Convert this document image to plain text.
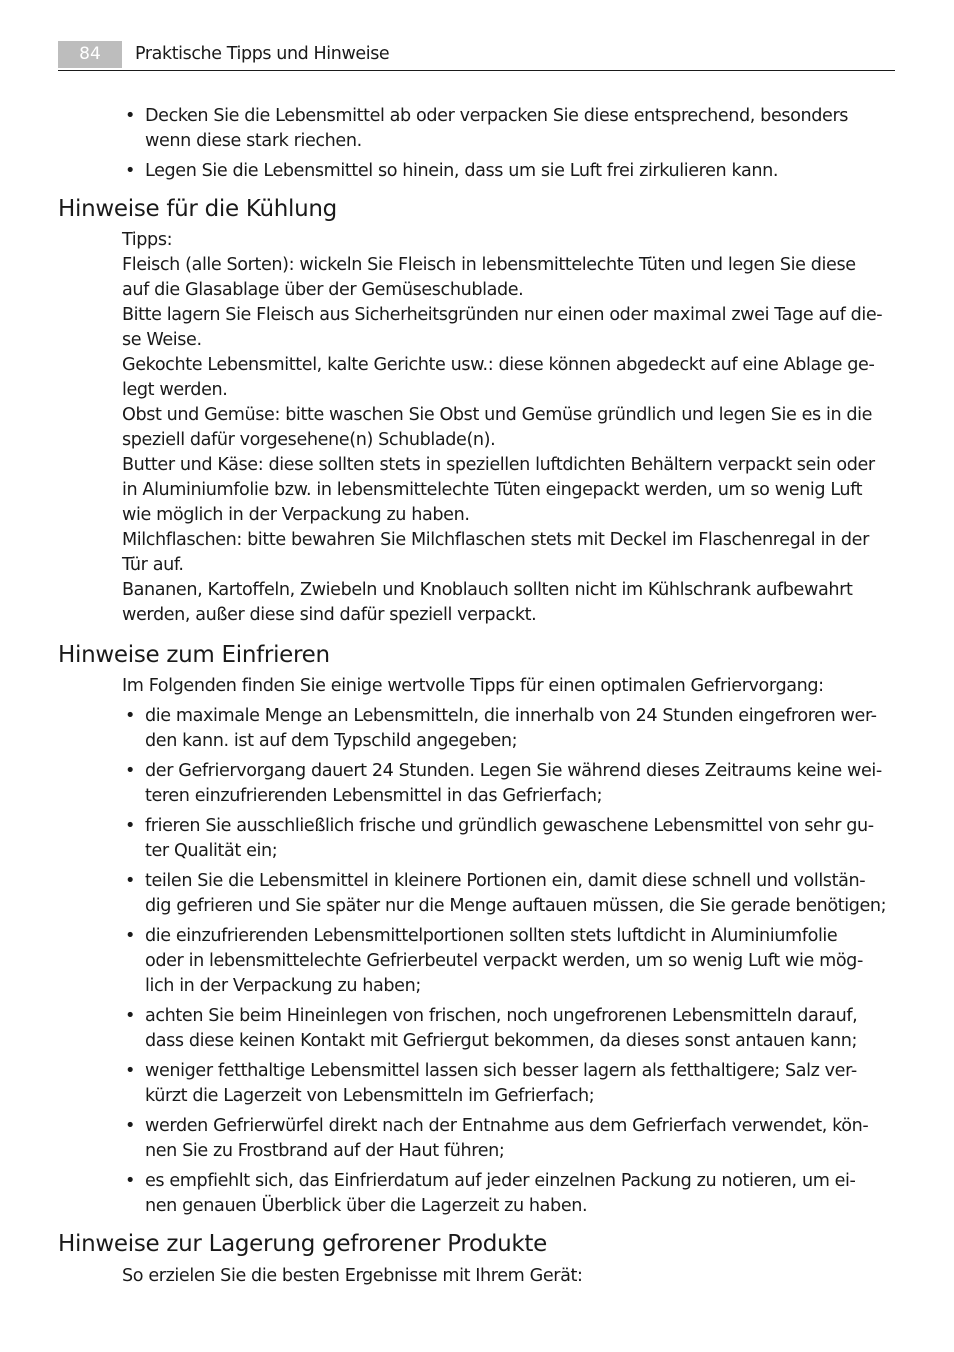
84	Praktische Tipps und Hinweise
• Decken Sie die Lebensmittel ab oder verpacken Sie diese entsprechend, besonders
wenn diese stark riechen.
• Legen Sie die Lebensmittel so hinein, dass um sie Luft frei zirkulieren kann.
Hinweise für die Kühlung
Tipps:
Fleisch (alle Sorten): wickeln Sie Fleisch in lebensmittelechte Tüten und legen Sie diese
auf die Glasablage über der Gemüseschublade.
Bitte lagern Sie Fleisch aus Sicherheitsgründen nur einen oder maximal zwei Tage auf die-
se Weise.
Gekochte Lebensmittel, kalte Gerichte usw.: diese können abgedeckt auf eine Ablage ge-
legt werden.
Obst und Gemüse: bitte waschen Sie Obst und Gemüse gründlich und legen Sie es in die
speziell dafür vorgesehene(n) Schublade(n).
Butter und Käse: diese sollten stets in speziellen luftdichten Behältern verpackt sein oder
in Aluminiumfolie bzw. in lebensmittelechte Tüten eingepackt werden, um so wenig Luft
wie möglich in der Verpackung zu haben.
Milchflaschen: bitte bewahren Sie Milchflaschen stets mit Deckel im Flaschenregal in der
Tür auf.
Bananen, Kartoffeln, Zwiebeln und Knoblauch sollten nicht im Kühlschrank aufbewahrt
werden, außer diese sind dafür speziell verpackt.
Hinweise zum Einfrieren
Im Folgenden finden Sie einige wertvolle Tipps für einen optimalen Gefriervorgang:
• die maximale Menge an Lebensmitteln, die innerhalb von 24 Stunden eingefroren wer-
den kann. ist auf dem Typschild angegeben;
• der Gefriervorgang dauert 24 Stunden. Legen Sie während dieses Zeitraums keine wei-
teren einzufrierenden Lebensmittel in das Gefrierfach;
• frieren Sie ausschließlich frische und gründlich gewaschene Lebensmittel von sehr gu-
ter Qualität ein;
• teilen Sie die Lebensmittel in kleinere Portionen ein, damit diese schnell und vollstän-
dig gefrieren und Sie später nur die Menge auftauen müssen, die Sie gerade benötigen;
• die einzufrierenden Lebensmittelportionen sollten stets luftdicht in Aluminiumfolie
oder in lebensmittelechte Gefrierbeutel verpackt werden, um so wenig Luft wie mög-
lich in der Verpackung zu haben;
• achten Sie beim Hineinlegen von frischen, noch ungefrorenen Lebensmitteln darauf,
dass diese keinen Kontakt mit Gefriergut bekommen, da dieses sonst antauen kann;
• weniger fetthaltige Lebensmittel lassen sich besser lagern als fetthaltigere; Salz ver-
kürzt die Lagerzeit von Lebensmitteln im Gefrierfach;
• werden Gefrierwürfel direkt nach der Entnahme aus dem Gefrierfach verwendet, kön-
nen Sie zu Frostbrand auf der Haut führen;
• es empfiehlt sich, das Einfrierdatum auf jeder einzelnen Packung zu notieren, um ei-
nen genauen Überblick über die Lagerzeit zu haben.
Hinweise zur Lagerung gefrorener Produkte
So erzielen Sie die besten Ergebnisse mit Ihrem Gerät:
